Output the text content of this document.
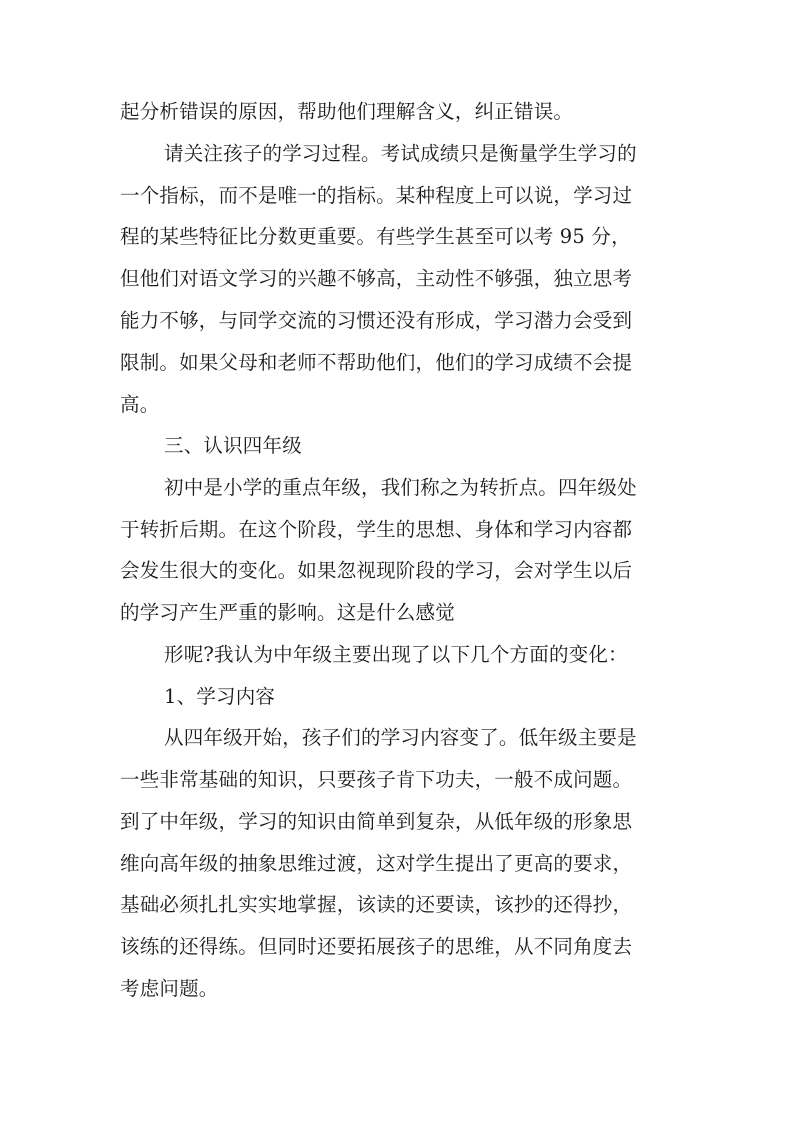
起分析错误的原因，帮助他们理解含义，纠正错误。
请关注孩子的学习过程。考试成绩只是衡量学生学习的
一个指标，而不是唯一的指标。某种程度上可以说，学习过
程的某些特征比分数更重要。有些学生甚至可以考 95 分，
但他们对语文学习的兴趣不够高，主动性不够强，独立思考
能力不够，与同学交流的习惯还没有形成，学习潜力会受到
限制。如果父母和老师不帮助他们，他们的学习成绩不会提
高。
三、认识四年级
初中是小学的重点年级，我们称之为转折点。四年级处
于转折后期。在这个阶段，学生的思想、身体和学习内容都
会发生很大的变化。如果忽视现阶段的学习，会对学生以后
的学习产生严重的影响。这是什么感觉
形呢?我认为中年级主要出现了以下几个方面的变化：
1、学习内容
从四年级开始，孩子们的学习内容变了。低年级主要是
一些非常基础的知识，只要孩子肯下功夫，一般不成问题。
到了中年级，学习的知识由简单到复杂，从低年级的形象思
维向高年级的抽象思维过渡，这对学生提出了更高的要求，
基础必须扎扎实实地掌握，该读的还要读，该抄的还得抄，
该练的还得练。但同时还要拓展孩子的思维，从不同角度去
考虑问题。
